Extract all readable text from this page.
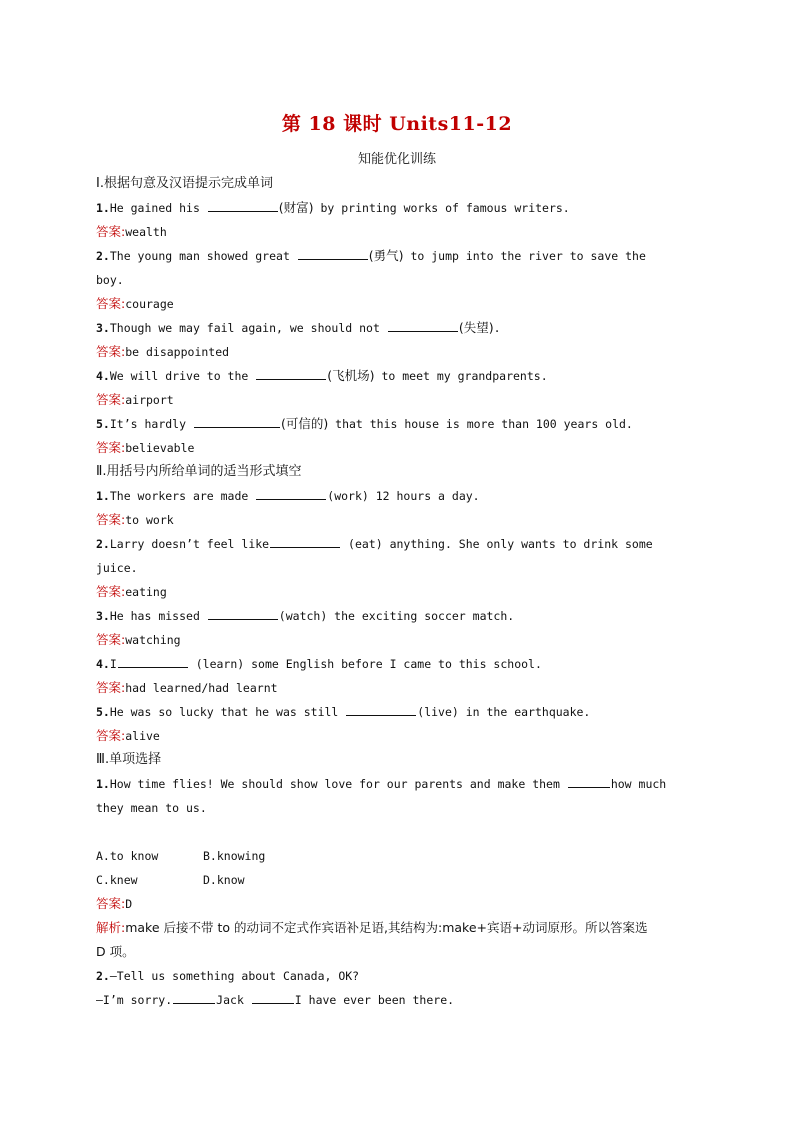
第 18 课时 Units11-12
知能优化训练
Ⅰ.根据句意及汉语提示完成单词
1.He gained his	(财富) by printing works of famous writers.
答案:wealth
2.The young man showed great	(勇气) to jump into the river to save the
boy.
答案:courage
3.Though we may fail again, we should not	(失望).
答案:be disappointed
4.We will drive to the	(飞机场) to meet my grandparents.
答案:airport
5.It’s hardly	(可信的) that this house is more than 100 years old.
答案:believable
Ⅱ.用括号内所给单词的适当形式填空
1.The workers are made	(work) 12 hours a day.
答案:to work
2.Larry doesn’t feel like	(eat) anything. She only wants to drink some
juice.
答案:eating
3.He has missed	(watch) the exciting soccer match.
答案:watching
4.I	(learn) some English before I came to this school.
答案:had learned/had learnt
5.He was so lucky that he was still	(live) in the earthquake.
答案:alive
Ⅲ.单项选择
1.How time flies! We should show love for our parents and make them	how much
they mean to us.
A.to know	B.knowing
C.knew	D.know
答案:D
解析:make 后接不带 to 的动词不定式作宾语补足语,其结构为:make+宾语+动词原形。所以答案选
D 项。
2.—Tell us something about Canada, OK?
—I’m sorry.	Jack	I have ever been there.
